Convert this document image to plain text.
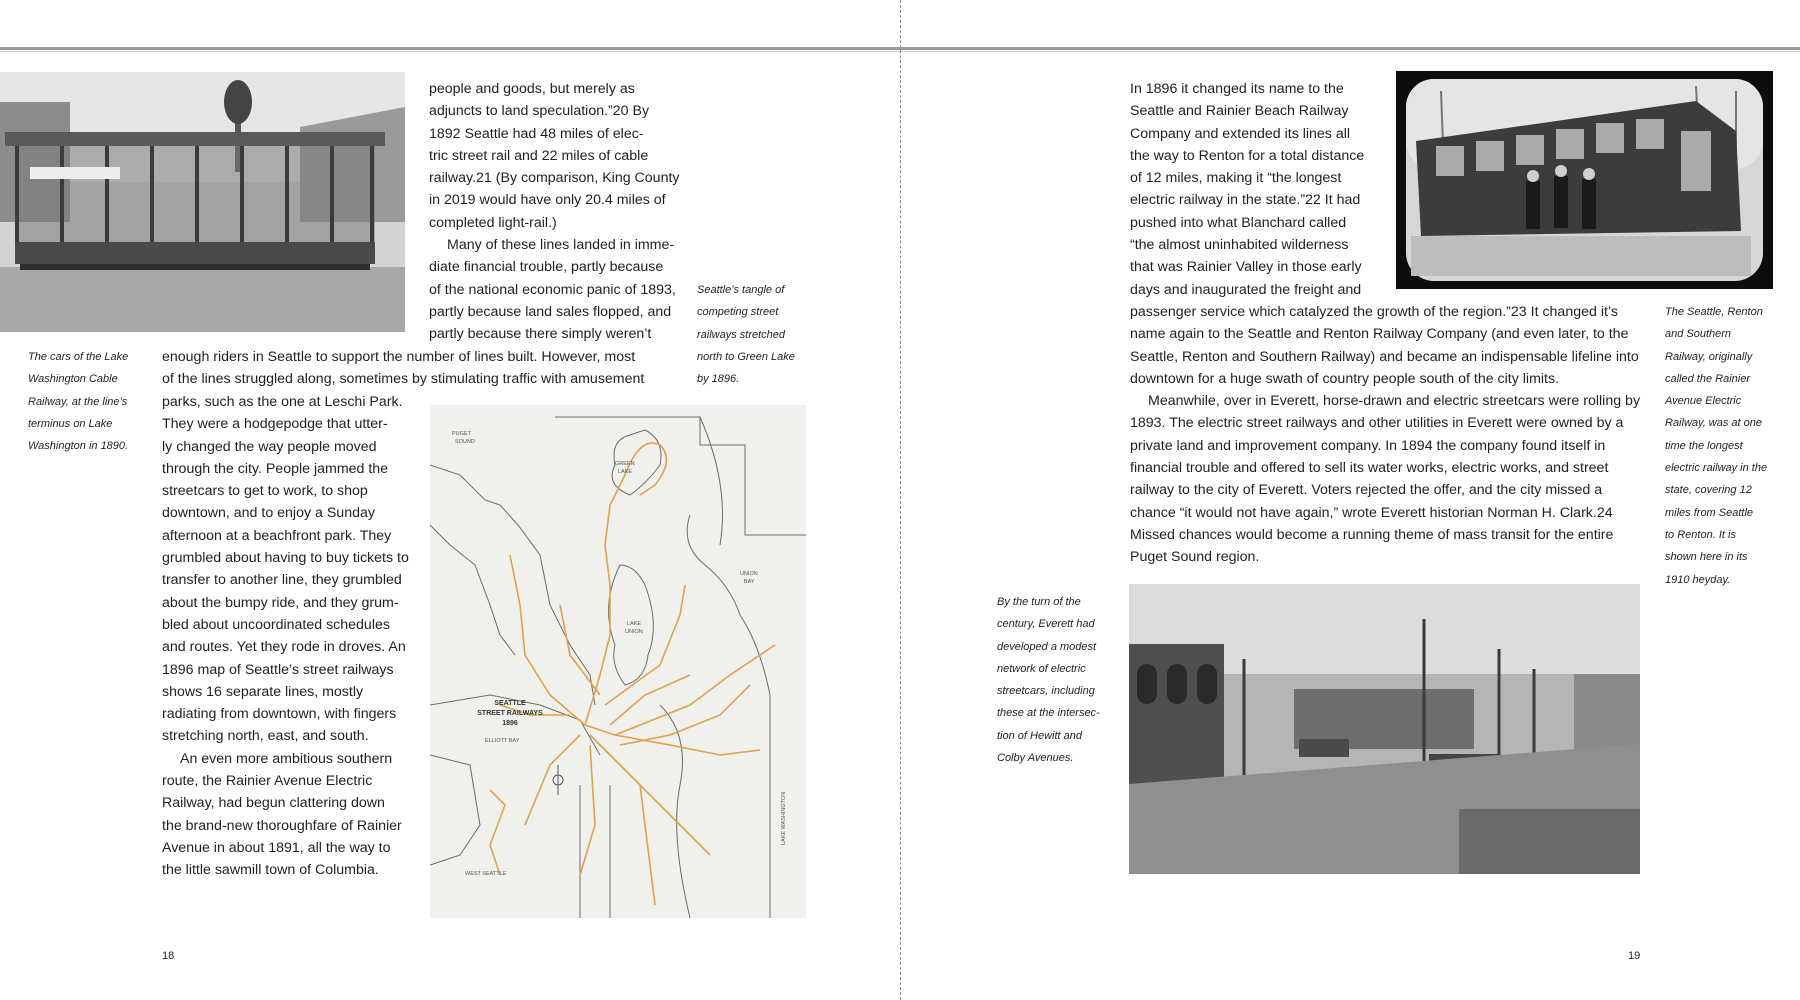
The cars of the Lake
Washington Cable
Railway, at the line’s
terminus on Lake
Washington in 1890.
people and goods, but merely as
adjuncts to land speculation.”20 By
1892 Seattle had 48 miles of elec-
tric street rail and 22 miles of cable
railway.21 (By comparison, King County
in 2019 would have only 20.4 miles of
completed light-rail.)
Many of these lines landed in imme-
diate financial trouble, partly because
of the national economic panic of 1893,
partly because land sales flopped, and
partly because there simply weren’t
Seattle’s tangle of
competing street
railways stretched
north to Green Lake
by 1896.
enough riders in Seattle to support the number of lines built. However, most
of the lines struggled along, sometimes by stimulating traffic with amusement
parks, such as the one at Leschi Park.
They were a hodgepodge that utter-
ly changed the way people moved
through the city. People jammed the
streetcars to get to work, to shop
downtown, and to enjoy a Sunday
afternoon at a beachfront park. They
grumbled about having to buy tickets to
transfer to another line, they grumbled
about the bumpy ride, and they grum-
bled about uncoordinated schedules
and routes. Yet they rode in droves. An
1896 map of Seattle’s street railways
shows 16 separate lines, mostly
radiating from downtown, with fingers
stretching north, east, and south.
An even more ambitious southern
route, the Rainier Avenue Electric
Railway, had begun clattering down
the brand-new thoroughfare of Rainier
Avenue in about 1891, all the way to
the little sawmill town of Columbia.
PUGET
SOUND
GREEN
LAKE
LAKE
UNION
UNION
BAY
ELLIOTT BAY
WEST SEATTLE
LAKE WASHINGTON
SEATTLE
STREET RAILWAYS
1896
18
In 1896 it changed its name to the
Seattle and Rainier Beach Railway
Company and extended its lines all
the way to Renton for a total distance
of 12 miles, making it “the longest
electric railway in the state.”22 It had
pushed into what Blanchard called
“the almost uninhabited wilderness
that was Rainier Valley in those early
days and inaugurated the freight and
passenger service which catalyzed the growth of the region.”23 It changed it’s
name again to the Seattle and Renton Railway Company (and even later, to the
Seattle, Renton and Southern Railway) and became an indispensable lifeline into
downtown for a huge swath of country people south of the city limits.
Meanwhile, over in Everett, horse-drawn and electric streetcars were rolling by
1893. The electric street railways and other utilities in Everett were owned by a
private land and improvement company. In 1894 the company found itself in
financial trouble and offered to sell its water works, electric works, and street
railway to the city of Everett. Voters rejected the offer, and the city missed a
chance “it would not have again,” wrote Everett historian Norman H. Clark.24
Missed chances would become a running theme of mass transit for the entire
Puget Sound region.
The Seattle, Renton
and Southern
Railway, originally
called the Rainier
Avenue Electric
Railway, was at one
time the longest
electric railway in the
state, covering 12
miles from Seattle
to Renton. It is
shown here in its
1910 heyday.
By the turn of the
century, Everett had
developed a modest
network of electric
streetcars, including
these at the intersec-
tion of Hewitt and
Colby Avenues.
19
